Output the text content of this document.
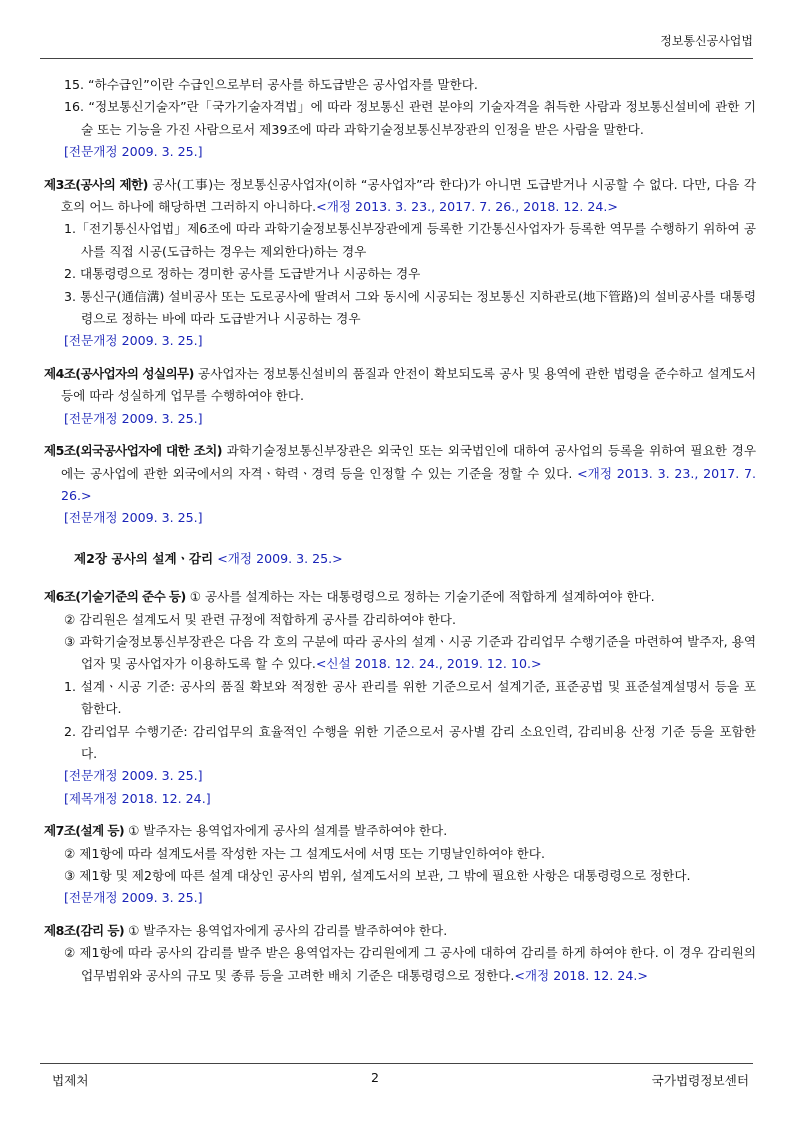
정보통신공사업법

15. “하수급인”이란 수급인으로부터 공사를 하도급받은 공사업자를 말한다.

16. “정보통신기술자”란「국가기술자격법」에 따라 정보통신 관련 분야의 기술자격을 취득한 사람과 정보통신설비에 관한 기술 또는 기능을 가진 사람으로서 제39조에 따라 과학기술정보통신부장관의 인정을 받은 사람을 말한다.

[전문개정 2009. 3. 25.]

제3조(공사의 제한) 공사(工事)는 정보통신공사업자(이하 “공사업자”라 한다)가 아니면 도급받거나 시공할 수 없다. 다만, 다음 각 호의 어느 하나에 해당하면 그러하지 아니하다.<개정 2013. 3. 23., 2017. 7. 26., 2018. 12. 24.>

1.「전기통신사업법」제6조에 따라 과학기술정보통신부장관에게 등록한 기간통신사업자가 등록한 역무를 수행하기 위하여 공사를 직접 시공(도급하는 경우는 제외한다)하는 경우

2. 대통령령으로 정하는 경미한 공사를 도급받거나 시공하는 경우

3. 통신구(通信溝) 설비공사 또는 도로공사에 딸려서 그와 동시에 시공되는 정보통신 지하관로(地下管路)의 설비공사를 대통령령으로 정하는 바에 따라 도급받거나 시공하는 경우

[전문개정 2009. 3. 25.]

제4조(공사업자의 성실의무) 공사업자는 정보통신설비의 품질과 안전이 확보되도록 공사 및 용역에 관한 법령을 준수하고 설계도서 등에 따라 성실하게 업무를 수행하여야 한다.

[전문개정 2009. 3. 25.]

제5조(외국공사업자에 대한 조치) 과학기술정보통신부장관은 외국인 또는 외국법인에 대하여 공사업의 등록을 위하여 필요한 경우에는 공사업에 관한 외국에서의 자격ㆍ학력ㆍ경력 등을 인정할 수 있는 기준을 정할 수 있다. <개정 2013. 3. 23., 2017. 7. 26.>

[전문개정 2009. 3. 25.]

제2장 공사의 설계ㆍ감리 <개정 2009. 3. 25.>

제6조(기술기준의 준수 등) ① 공사를 설계하는 자는 대통령령으로 정하는 기술기준에 적합하게 설계하여야 한다.

② 감리원은 설계도서 및 관련 규정에 적합하게 공사를 감리하여야 한다.

③ 과학기술정보통신부장관은 다음 각 호의 구분에 따라 공사의 설계ㆍ시공 기준과 감리업무 수행기준을 마련하여 발주자, 용역업자 및 공사업자가 이용하도록 할 수 있다.<신설 2018. 12. 24., 2019. 12. 10.>

1. 설계ㆍ시공 기준: 공사의 품질 확보와 적정한 공사 관리를 위한 기준으로서 설계기준, 표준공법 및 표준설계설명서 등을 포함한다.

2. 감리업무 수행기준: 감리업무의 효율적인 수행을 위한 기준으로서 공사별 감리 소요인력, 감리비용 산정 기준 등을 포함한다.

[전문개정 2009. 3. 25.]

[제목개정 2018. 12. 24.]

제7조(설계 등) ① 발주자는 용역업자에게 공사의 설계를 발주하여야 한다.

② 제1항에 따라 설계도서를 작성한 자는 그 설계도서에 서명 또는 기명날인하여야 한다.

③ 제1항 및 제2항에 따른 설계 대상인 공사의 범위, 설계도서의 보관, 그 밖에 필요한 사항은 대통령령으로 정한다.

[전문개정 2009. 3. 25.]

제8조(감리 등) ① 발주자는 용역업자에게 공사의 감리를 발주하여야 한다.

② 제1항에 따라 공사의 감리를 발주 받은 용역업자는 감리원에게 그 공사에 대하여 감리를 하게 하여야 한다. 이 경우 감리원의 업무범위와 공사의 규모 및 종류 등을 고려한 배치 기준은 대통령령으로 정한다.<개정 2018. 12. 24.>

법제처	2	국가법령정보센터
